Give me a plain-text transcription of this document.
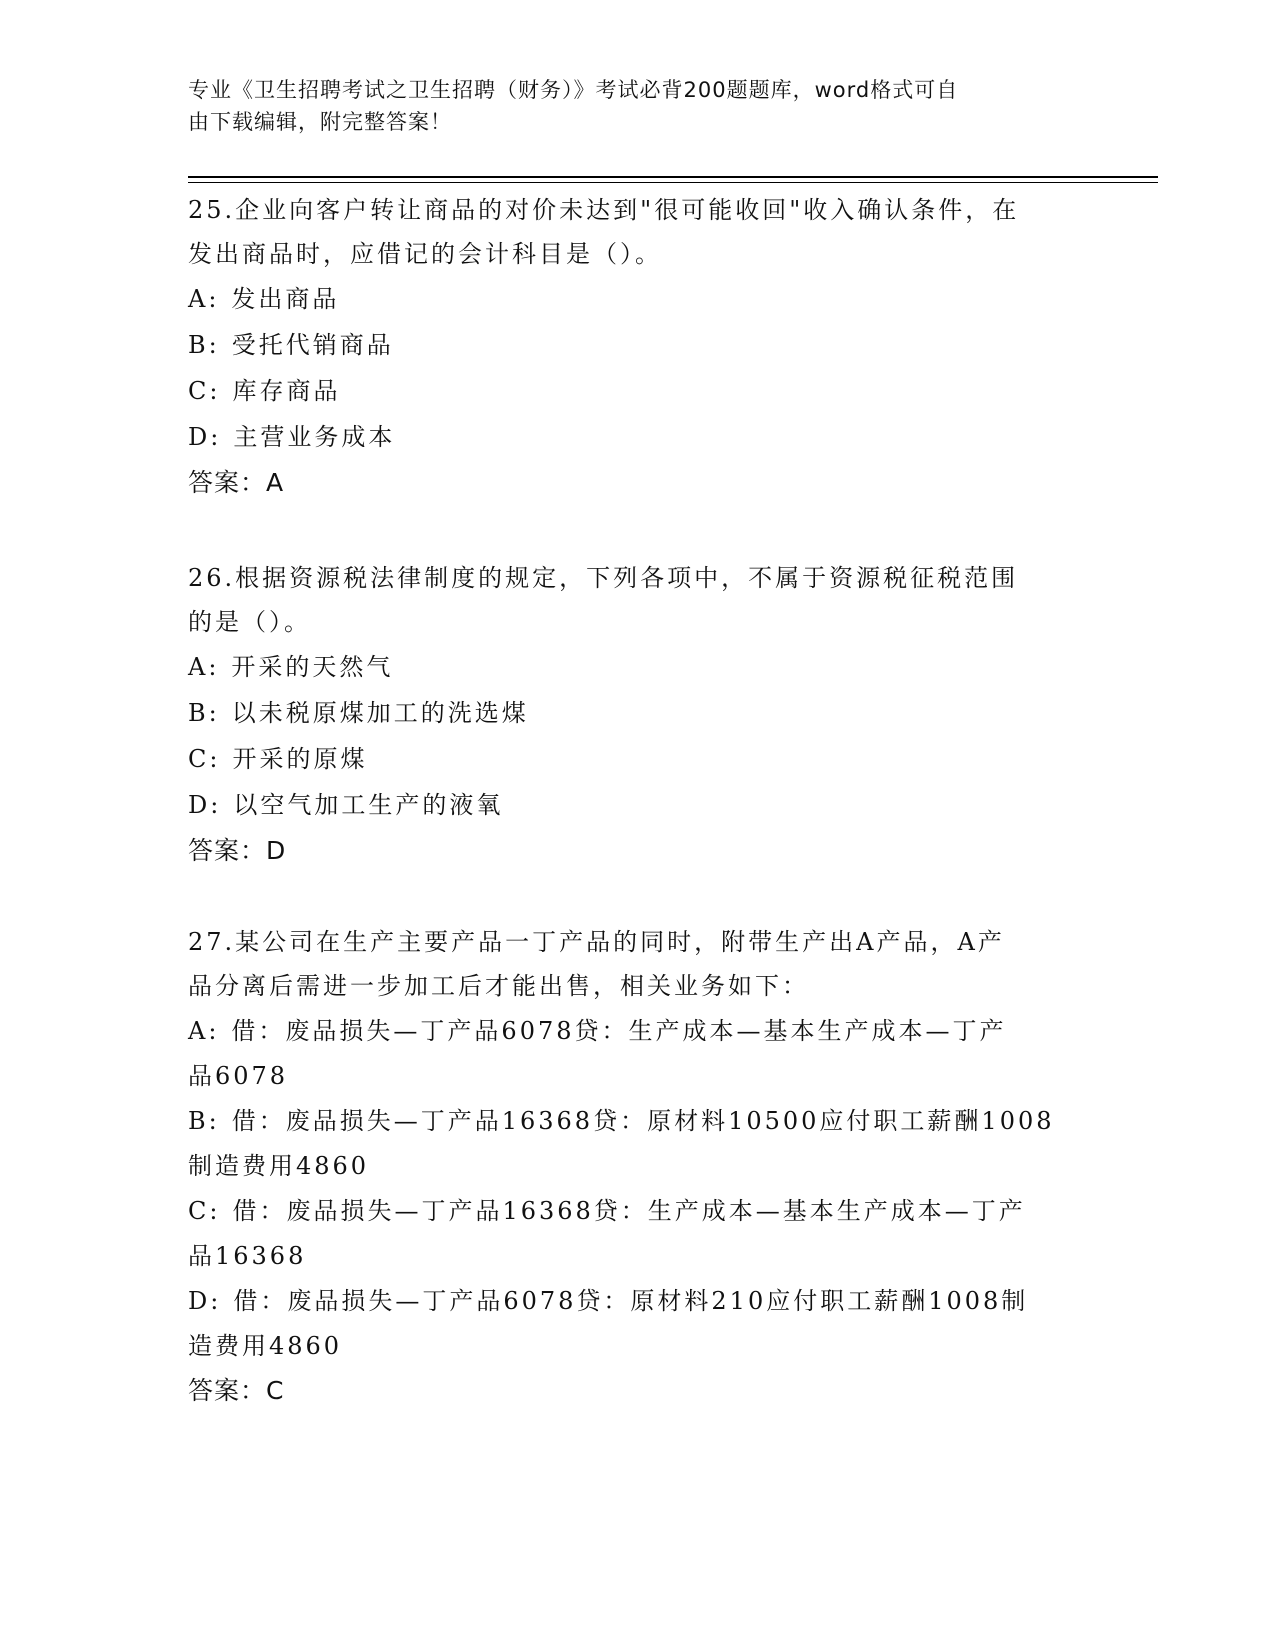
专业《卫生招聘考试之卫生招聘（财务）》考试必背200题题库，word格式可自
由下载编辑，附完整答案！
25.企业向客户转让商品的对价未达到"很可能收回"收入确认条件，在
发出商品时，应借记的会计科目是（）。
A: 发出商品
B: 受托代销商品
C: 库存商品
D: 主营业务成本
答案：A
26.根据资源税法律制度的规定，下列各项中，不属于资源税征税范围
的是（）。
A: 开采的天然气
B: 以未税原煤加工的洗选煤
C: 开采的原煤
D: 以空气加工生产的液氧
答案：D
27.某公司在生产主要产品一丁产品的同时，附带生产出A产品，A产
品分离后需进一步加工后才能出售，相关业务如下：
A: 借：废品损失—丁产品6078贷：生产成本—基本生产成本—丁产
品6078
B: 借：废品损失—丁产品16368贷：原材料10500应付职工薪酬1008
制造费用4860
C: 借：废品损失—丁产品16368贷：生产成本—基本生产成本—丁产
品16368
D: 借：废品损失—丁产品6078贷：原材料210应付职工薪酬1008制
造费用4860
答案：C
